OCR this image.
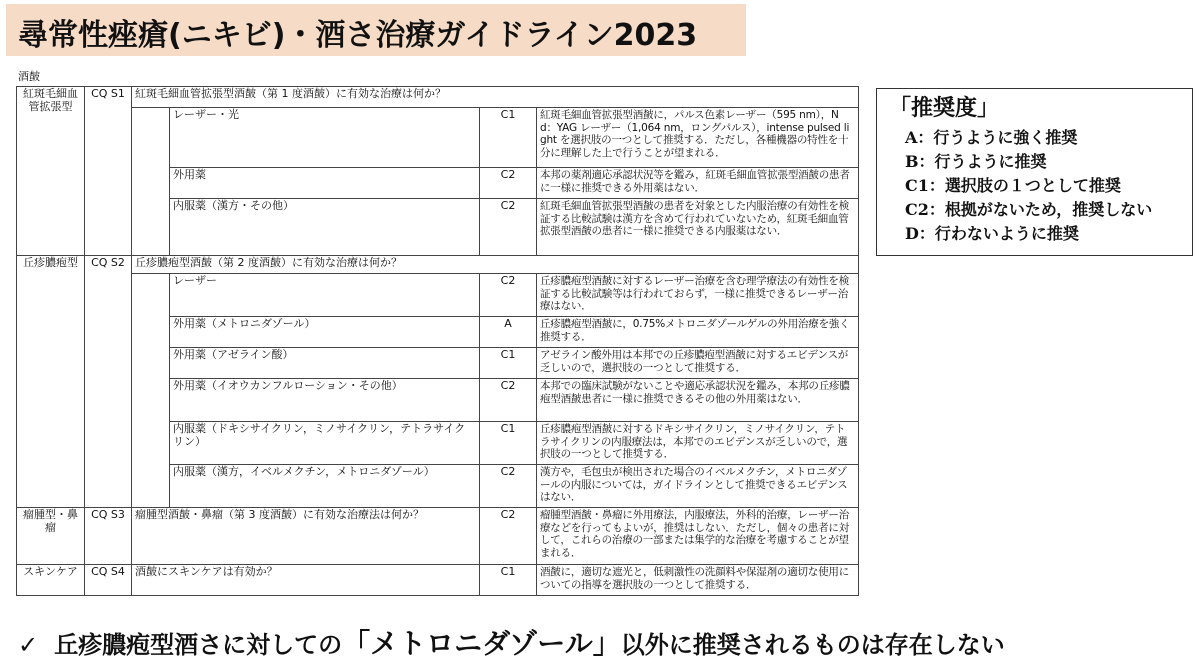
尋常性痤瘡(ニキビ)・酒さ治療ガイドライン2023
酒皶
紅斑毛細血管拡張型	CQ S1	紅斑毛細血管拡張型酒皶（第 1 度酒皶）に有効な治療は何か？			
			レーザー・光	C1	紅斑毛細血管拡張型酒皶に，パルス色素レーザー（595 nm），Nd：YAG レーザー（1,064 nm，ロングパルス），intense pulsed light を選択肢の一つとして推奨する．ただし，各種機器の特性を十分に理解した上で行うことが望まれる．
			外用薬	C2	本邦の薬剤適応承認状況等を鑑み，紅斑毛細血管拡張型酒皶の患者に一様に推奨できる外用薬はない．
			内服薬（漢方・その他）	C2	紅斑毛細血管拡張型酒皶の患者を対象とした内服治療の有効性を検証する比較試験は漢方を含めて行われていないため，紅斑毛細血管拡張型酒皶の患者に一様に推奨できる内服薬はない．
丘疹膿疱型	CQ S2	丘疹膿疱型酒皶（第 2 度酒皶）に有効な治療は何か？			
			レーザー	C2	丘疹膿疱型酒皶に対するレーザー治療を含む理学療法の有効性を検証する比較試験等は行われておらず，一様に推奨できるレーザー治療はない．
			外用薬（メトロニダゾール）	A	丘疹膿疱型酒皶に，0.75%メトロニダゾールゲルの外用治療を強く推奨する．
			外用薬（アゼライン酸）	C1	アゼライン酸外用は本邦での丘疹膿疱型酒皶に対するエビデンスが乏しいので，選択肢の一つとして推奨する．
			外用薬（イオウカンフルローション・その他）	C2	本邦での臨床試験がないことや適応承認状況を鑑み，本邦の丘疹膿疱型酒皶患者に一様に推奨できるその他の外用薬はない．
			内服薬（ドキシサイクリン，ミノサイクリン，テトラサイクリン）	C1	丘疹膿疱型酒皶に対するドキシサイクリン，ミノサイクリン，テトラサイクリンの内服療法は，本邦でのエビデンスが乏しいので，選択肢の一つとして推奨する．
			内服薬（漢方，イベルメクチン，メトロニダゾール）	C2	漢方や，毛包虫が検出された場合のイベルメクチン，メトロニダゾールの内服については，ガイドラインとして推奨できるエビデンスはない．
瘤腫型・鼻瘤	CQ S3	瘤腫型酒皶・鼻瘤（第 3 度酒皶）に有効な治療法は何か？		C2	瘤腫型酒皶・鼻瘤に外用療法，内服療法，外科的治療，レーザー治療などを行ってもよいが，推奨はしない．ただし，個々の患者に対して，これらの治療の一部または集学的な治療を考慮することが望まれる．
スキンケア	CQ S4	酒皶にスキンケアは有効か？		C1	酒皶に，適切な遮光と，低刺激性の洗顔料や保湿剤の適切な使用についての指導を選択肢の一つとして推奨する．
「推奨度」
A：行うように強く推奨
B：行うように推奨
C1：選択肢の１つとして推奨
C2：根拠がないため，推奨しない
D：行わないように推奨
✓ 丘疹膿疱型酒さに対しての「メトロニダゾール」以外に推奨されるものは存在しない
